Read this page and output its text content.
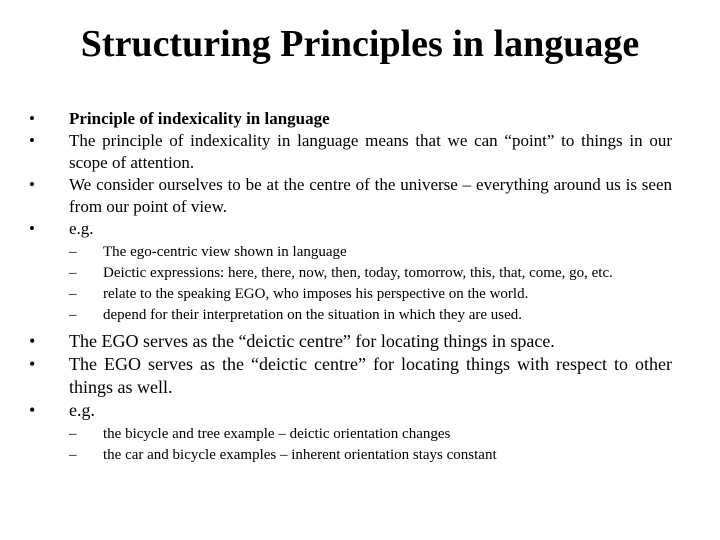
Structuring Principles in language
• Principle of indexicality in language
• The principle of indexicality in language means that we can “point” to things in our scope of attention.
• We consider ourselves to be at the centre of the universe – everything around us is seen from our point of view.
• e.g.
– The ego-centric view shown in language
– Deictic expressions: here, there, now, then, today, tomorrow, this, that, come, go, etc.
– relate to the speaking EGO, who imposes his perspective on the world.
– depend for their interpretation on the situation in which they are used.
• The EGO serves as the “deictic centre” for locating things in space.
• The EGO serves as the “deictic centre” for locating things with respect to other things as well.
• e.g.
– the bicycle and tree example – deictic orientation changes
– the car and bicycle examples – inherent orientation stays constant
